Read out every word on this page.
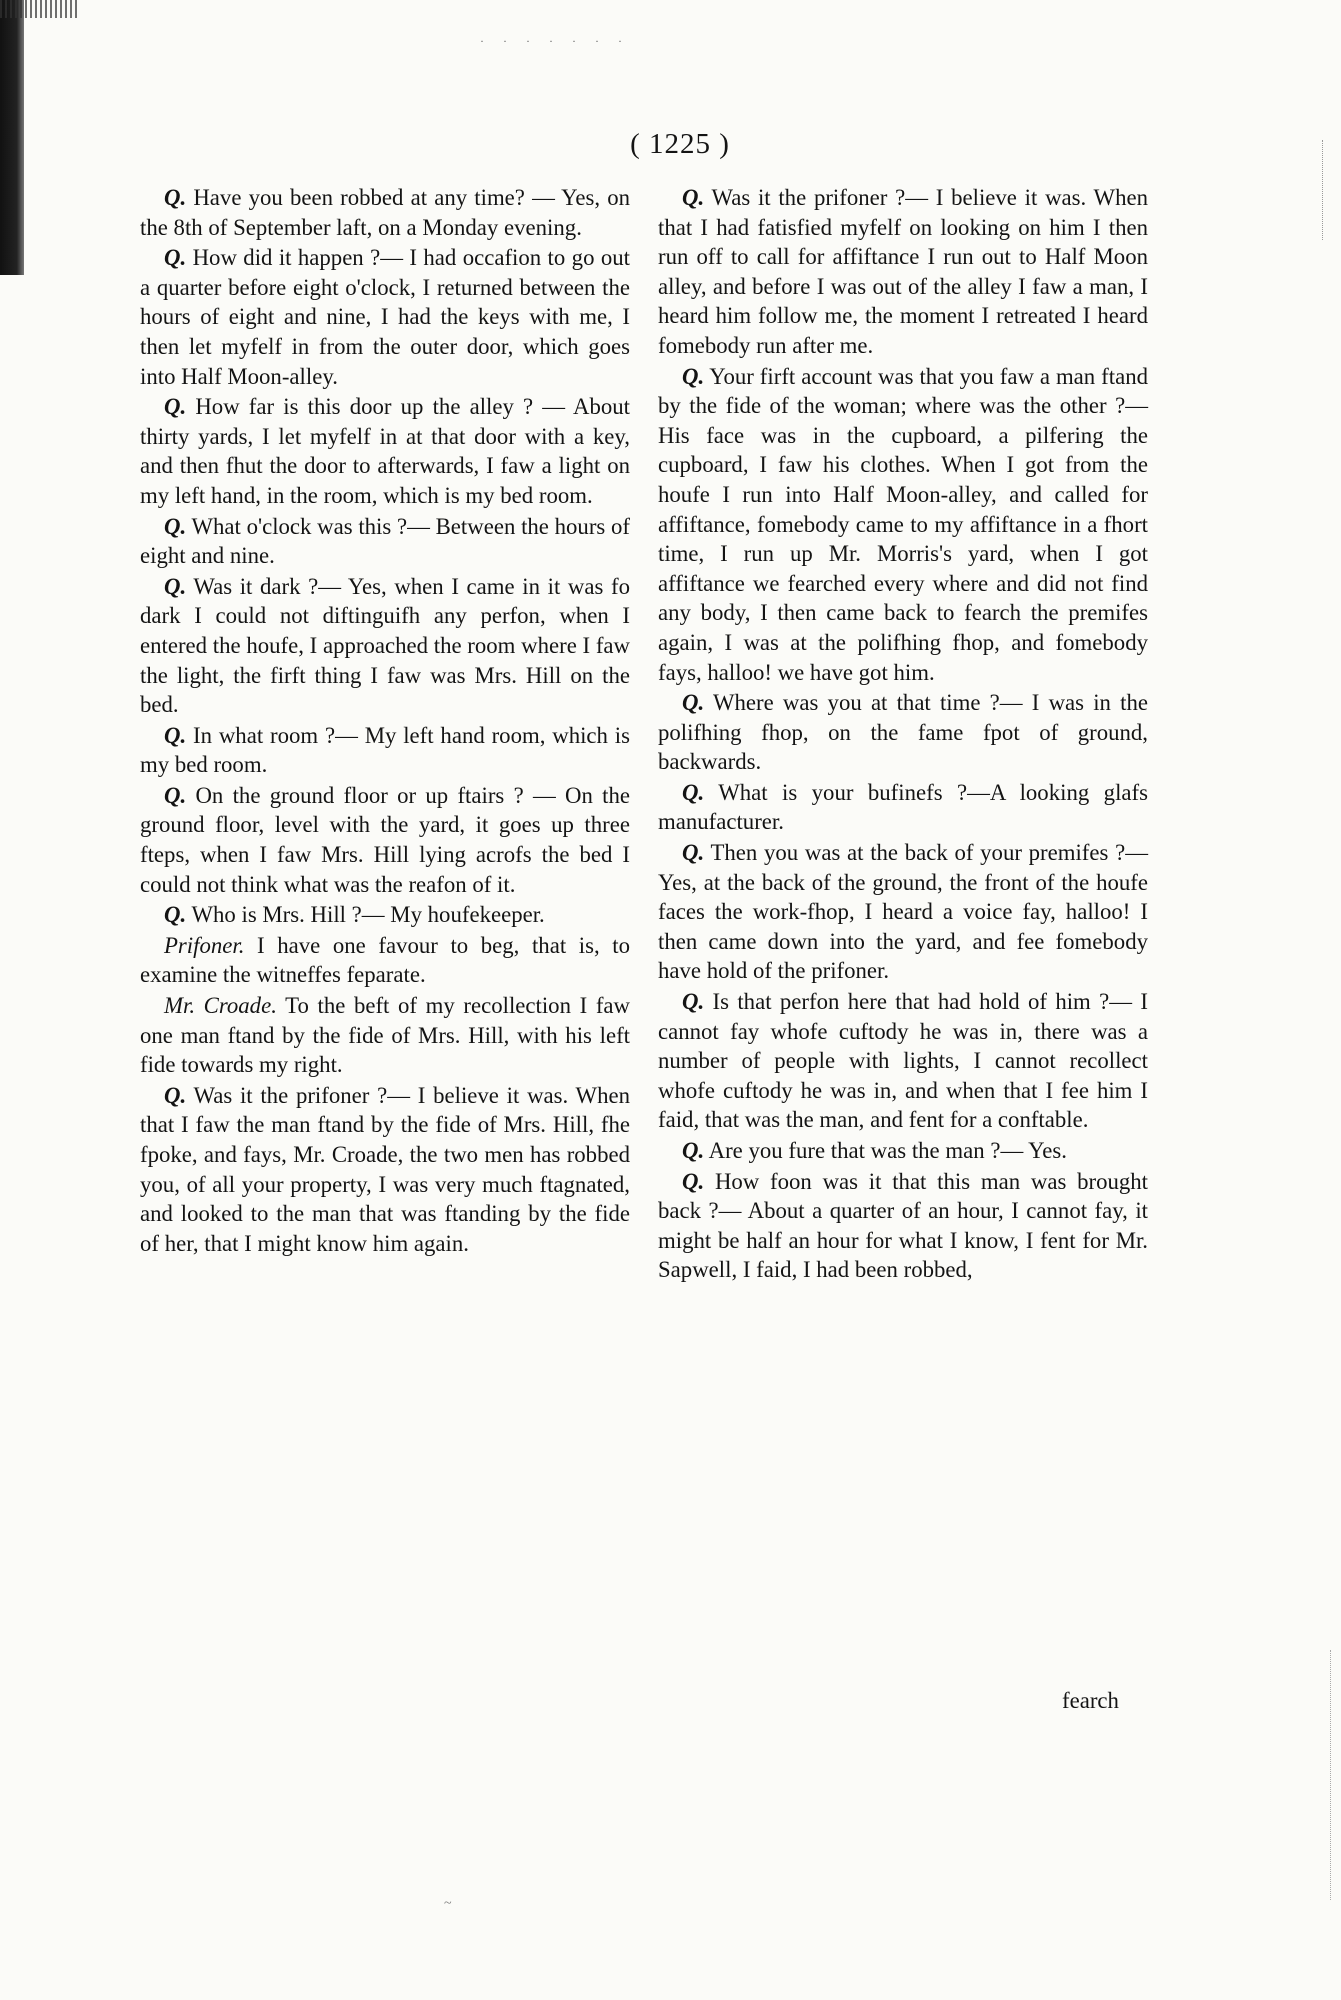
· · · · · · ·
( 1225 )

Q. Have you been robbed at any time? — Yes, on the 8th of September laft, on a Monday evening.

Q. How did it happen ?— I had occafion to go out a quarter before eight o'clock, I returned between the hours of eight and nine, I had the keys with me, I then let myfelf in from the outer door, which goes into Half Moon-alley.

Q. How far is this door up the alley ? — About thirty yards, I let myfelf in at that door with a key, and then fhut the door to afterwards, I faw a light on my left hand, in the room, which is my bed room.

Q. What o'clock was this ?— Between the hours of eight and nine.

Q. Was it dark ?— Yes, when I came in it was fo dark I could not diftinguifh any perfon, when I entered the houfe, I approached the room where I faw the light, the firft thing I faw was Mrs. Hill on the bed.

Q. In what room ?— My left hand room, which is my bed room.

Q. On the ground floor or up ftairs ? — On the ground floor, level with the yard, it goes up three fteps, when I faw Mrs. Hill lying acrofs the bed I could not think what was the reafon of it.

Q. Who is Mrs. Hill ?— My houfekeeper.

Prifoner. I have one favour to beg, that is, to examine the witneffes feparate.

Mr. Croade. To the beft of my recollection I faw one man ftand by the fide of Mrs. Hill, with his left fide towards my right.

Q. Was it the prifoner ?— I believe it was. When that I faw the man ftand by the fide of Mrs. Hill, fhe fpoke, and fays, Mr. Croade, the two men has robbed you, of all your property, I was very much ftagnated, and looked to the man that was ftanding by the fide of her, that I might know him again.

Q. Was it the prifoner ?— I believe it was. When that I had fatisfied myfelf on looking on him I then run off to call for affiftance I run out to Half Moon alley, and before I was out of the alley I faw a man, I heard him follow me, the moment I retreated I heard fomebody run after me.

Q. Your firft account was that you faw a man ftand by the fide of the woman; where was the other ?— His face was in the cupboard, a pilfering the cupboard, I faw his clothes. When I got from the houfe I run into Half Moon-alley, and called for affiftance, fomebody came to my affiftance in a fhort time, I run up Mr. Morris's yard, when I got affiftance we fearched every where and did not find any body, I then came back to fearch the premifes again, I was at the polifhing fhop, and fomebody fays, halloo! we have got him.

Q. Where was you at that time ?— I was in the polifhing fhop, on the fame fpot of ground, backwards.

Q. What is your bufinefs ?—A looking glafs manufacturer.

Q. Then you was at the back of your premifes ?— Yes, at the back of the ground, the front of the houfe faces the work-fhop, I heard a voice fay, halloo! I then came down into the yard, and fee fomebody have hold of the prifoner.

Q. Is that perfon here that had hold of him ?— I cannot fay whofe cuftody he was in, there was a number of people with lights, I cannot recollect whofe cuftody he was in, and when that I fee him I faid, that was the man, and fent for a conftable.

Q. Are you fure that was the man ?— Yes.

Q. How foon was it that this man was brought back ?— About a quarter of an hour, I cannot fay, it might be half an hour for what I know, I fent for Mr. Sapwell, I faid, I had been robbed,

fearch
~
